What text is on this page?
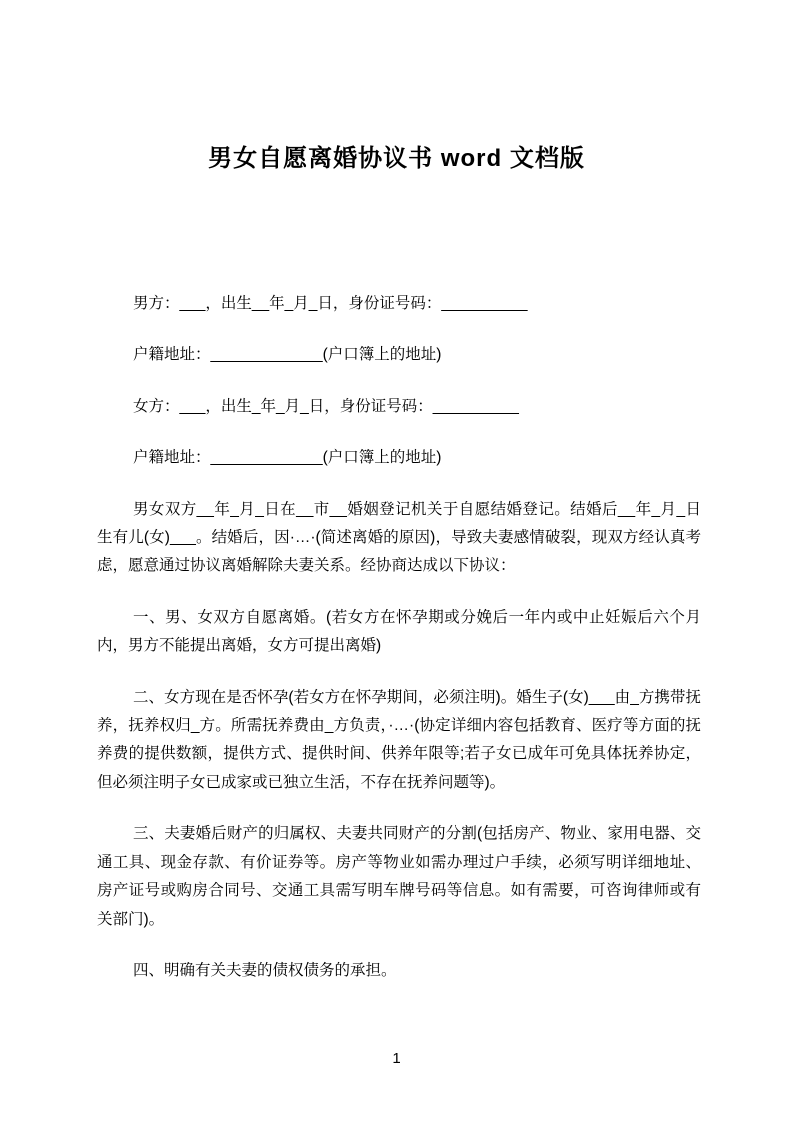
男女自愿离婚协议书 word 文档版

男方：___，出生__年_月_日，身份证号码：__________

户籍地址：_____________(户口簿上的地址)

女方：___，出生_年_月_日，身份证号码：__________

户籍地址：_____________(户口簿上的地址)

男女双方__年_月_日在__市__婚姻登记机关于自愿结婚登记。结婚后__年_月_日生有儿(女)___。结婚后，因·…·(简述离婚的原因)，导致夫妻感情破裂，现双方经认真考虑，愿意通过协议离婚解除夫妻关系。经协商达成以下协议：

一、男、女双方自愿离婚。(若女方在怀孕期或分娩后一年内或中止妊娠后六个月内，男方不能提出离婚，女方可提出离婚)

二、女方现在是否怀孕(若女方在怀孕期间，必须注明)。婚生子(女)___由_方携带抚养，抚养权归_方。所需抚养费由_方负责，·…·(协定详细内容包括教育、医疗等方面的抚养费的提供数额，提供方式、提供时间、供养年限等;若子女已成年可免具体抚养协定，但必须注明子女已成家或已独立生活，不存在抚养问题等)。

三、夫妻婚后财产的归属权、夫妻共同财产的分割(包括房产、物业、家用电器、交通工具、现金存款、有价证券等。房产等物业如需办理过户手续，必须写明详细地址、房产证号或购房合同号、交通工具需写明车牌号码等信息。如有需要，可咨询律师或有关部门)。

四、明确有关夫妻的债权债务的承担。

1
